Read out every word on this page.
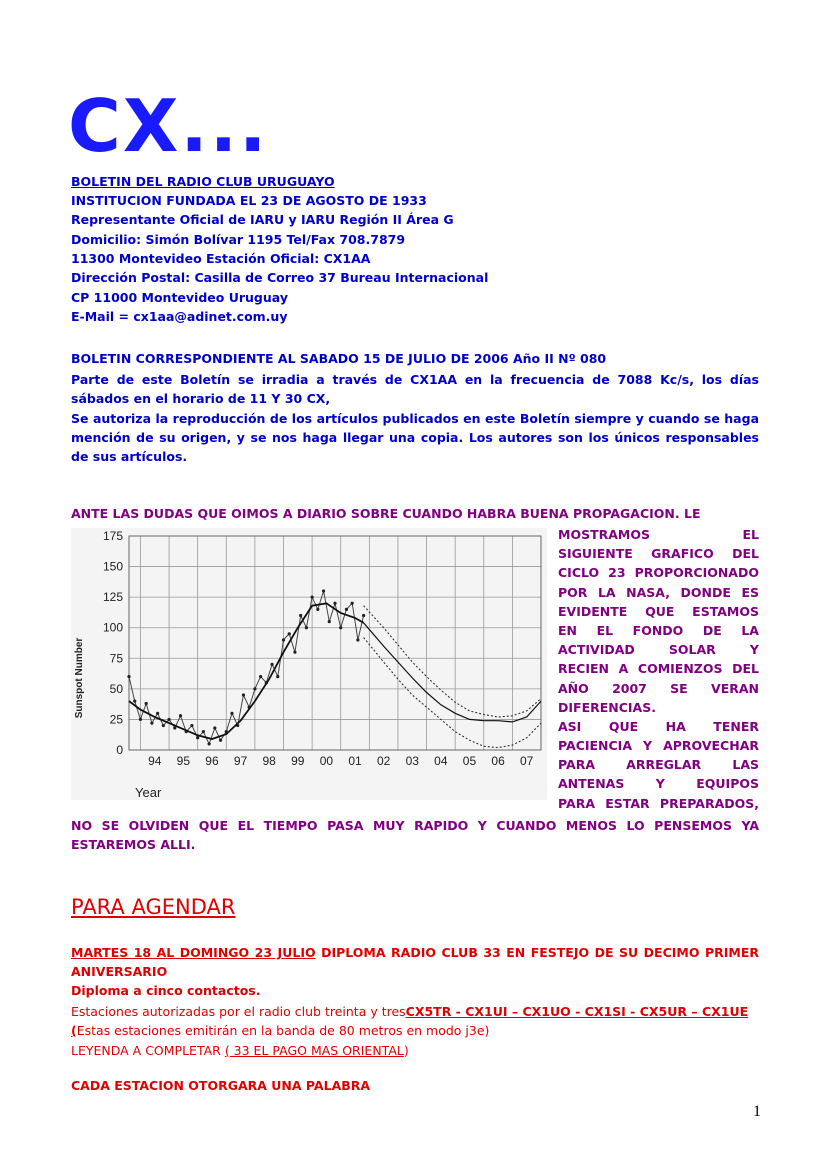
CX...
BOLETIN DEL RADIO CLUB URUGUAYO
INSTITUCION FUNDADA EL 23 DE AGOSTO DE 1933
Representante Oficial de IARU y IARU Región II Área G
Domicilio: Simón Bolívar 1195 Tel/Fax 708.7879
11300 Montevideo Estación Oficial: CX1AA
Dirección Postal: Casilla de Correo 37 Bureau Internacional
CP 11000 Montevideo Uruguay
E-Mail = cx1aa@adinet.com.uy
BOLETIN CORRESPONDIENTE AL SABADO 15 DE JULIO DE 2006 Año II Nº 080
Parte de este Boletín se irradia a través de CX1AA en la frecuencia de 7088 Kc/s, los días sábados en el horario de 11 Y 30 CX,
Se autoriza la reproducción de los artículos publicados en este Boletín siempre y cuando se haga mención de su origen, y se nos haga llegar una copia. Los autores son los únicos responsables de sus artículos.
ANTE LAS DUDAS QUE OIMOS A DIARIO SOBRE CUANDO HABRA BUENA PROPAGACION. LE
0
25
50
75
100
125
150
175
94 95 96 97 98 99 00 01 02 03 04 05 06 07
Sunspot Number
Year
MOSTRAMOS EL
SIGUIENTE GRAFICO DEL
CICLO 23 PROPORCIONADO
POR LA NASA, DONDE ES
EVIDENTE QUE ESTAMOS
EN EL FONDO DE LA
ACTIVIDAD SOLAR Y
RECIEN A COMIENZOS DEL
AÑO 2007 SE VERAN
DIFERENCIAS.
ASI QUE HA TENER
PACIENCIA Y APROVECHAR
PARA ARREGLAR LAS
ANTENAS Y EQUIPOS
PARA ESTAR PREPARADOS,
NO SE OLVIDEN QUE EL TIEMPO PASA MUY RAPIDO Y CUANDO MENOS LO PENSEMOS YA ESTAREMOS ALLI.
PARA AGENDAR
MARTES 18 AL DOMINGO 23 JULIO DIPLOMA RADIO CLUB 33 EN FESTEJO DE SU DECIMO PRIMER ANIVERSARIO
Diploma a cinco contactos.
Estaciones autorizadas por el radio club treinta y tresCX5TR - CX1UI – CX1UO - CX1SI - CX5UR – CX1UE (Estas estaciones emitirán en la banda de 80 metros en modo j3e)
LEYENDA A COMPLETAR ( 33 EL PAGO MAS ORIENTAL)
CADA ESTACION OTORGARA UNA PALABRA
1
